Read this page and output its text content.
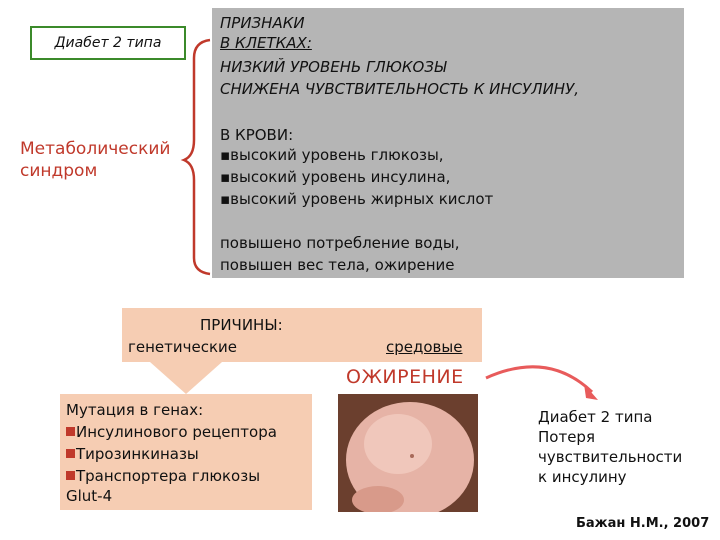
Диабет 2 типа
Метаболический
синдром
ПРИЗНАКИ
В КЛЕТКАХ:
НИЗКИЙ УРОВЕНЬ ГЛЮКОЗЫ
СНИЖЕНА ЧУВСТВИТЕЛЬНОСТЬ К ИНСУЛИНУ,
В КРОВИ:
▪высокий уровень глюкозы,
▪высокий уровень инсулина,
▪высокий уровень жирных кислот
повышено потребление воды,
повышен вес тела, ожирение
ПРИЧИНЫ:
генетические	средовые
ОЖИРЕНИЕ
Мутация в генах:
Инсулинового рецептора
Тирозинкиназы
Транспортера глюкозы
Glut-4
Диабет 2 типа
Потеря
чувствительности
к инсулину
Бажан Н.М., 2007
